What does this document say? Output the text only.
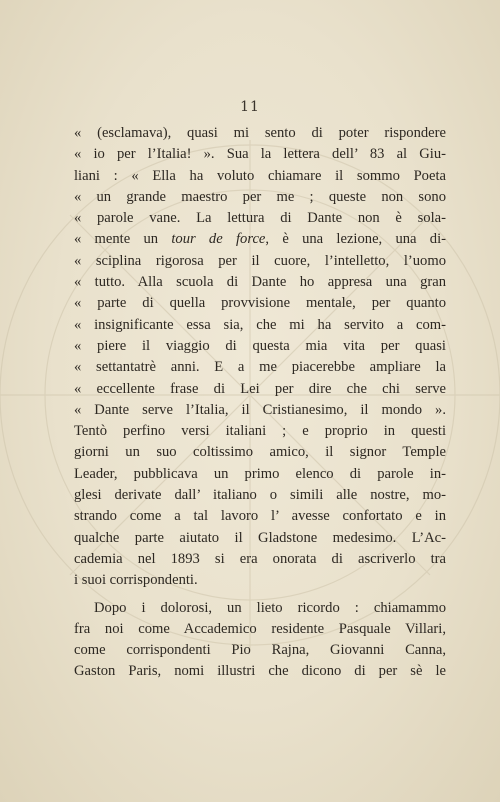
11
« (esclamava), quasi mi sento di poter rispondere
« io per l’Italia! ». Sua la lettera dell’ 83 al Giu-
liani : « Ella ha voluto chiamare il sommo Poeta
« un grande maestro per me ; queste non sono
« parole vane. La lettura di Dante non è sola-
« mente un tour de force, è una lezione, una di-
« sciplina rigorosa per il cuore, l’intelletto, l’uomo
« tutto. Alla scuola di Dante ho appresa una gran
« parte di quella provvisione mentale, per quanto
« insignificante essa sia, che mi ha servito a com-
« piere il viaggio di questa mia vita per quasi
« settantatrè anni. E a me piacerebbe ampliare la
« eccellente frase di Lei per dire che chi serve
« Dante serve l’Italia, il Cristianesimo, il mondo ».
Tentò perfino versi italiani ; e proprio in questi
giorni un suo coltissimo amico, il signor Temple
Leader, pubblicava un primo elenco di parole in-
glesi derivate dall’ italiano o simili alle nostre, mo-
strando come a tal lavoro l’ avesse confortato e in
qualche parte aiutato il Gladstone medesimo. L’Ac-
cademia nel 1893 si era onorata di ascriverlo tra
i suoi corrispondenti.
Dopo i dolorosi, un lieto ricordo : chiamammo
fra noi come Accademico residente Pasquale Villari,
come corrispondenti Pio Rajna, Giovanni Canna,
Gaston Paris, nomi illustri che dicono di per sè le
